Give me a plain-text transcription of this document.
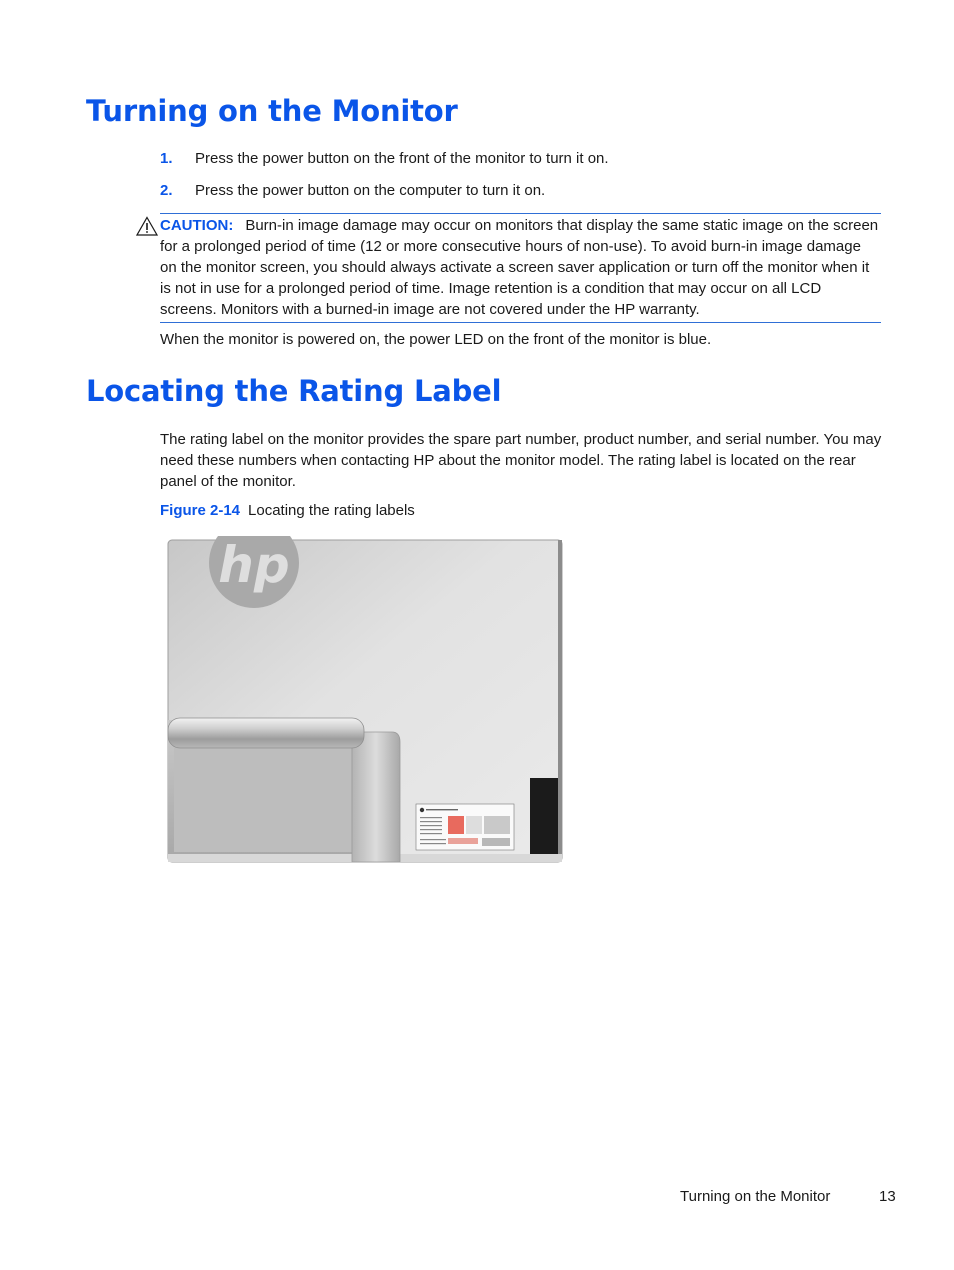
Turning on the Monitor
1. Press the power button on the front of the monitor to turn it on.
2. Press the power button on the computer to turn it on.
CAUTION: Burn-in image damage may occur on monitors that display the same static image on the screen for a prolonged period of time (12 or more consecutive hours of non-use). To avoid burn-in image damage on the monitor screen, you should always activate a screen saver application or turn off the monitor when it is not in use for a prolonged period of time. Image retention is a condition that may occur on all LCD screens. Monitors with a burned-in image are not covered under the HP warranty.
When the monitor is powered on, the power LED on the front of the monitor is blue.
Locating the Rating Label
The rating label on the monitor provides the spare part number, product number, and serial number. You may need these numbers when contacting HP about the monitor model. The rating label is located on the rear panel of the monitor.
Figure 2-14 Locating the rating labels
hp
Turning on the Monitor	13
